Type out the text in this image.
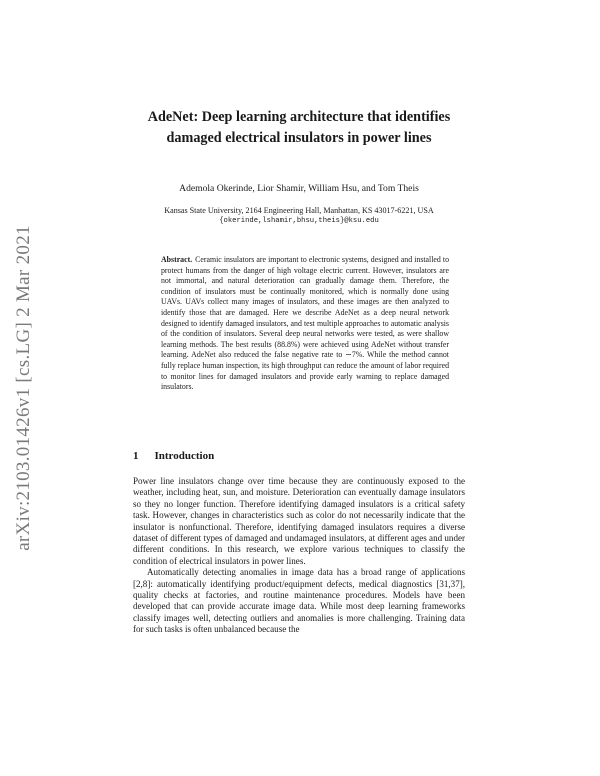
arXiv:2103.01426v1 [cs.LG] 2 Mar 2021
AdeNet: Deep learning architecture that identifies damaged electrical insulators in power lines
Ademola Okerinde, Lior Shamir, William Hsu, and Tom Theis
Kansas State University, 2164 Engineering Hall, Manhattan, KS 43017-6221, USA
{okerinde,lshamir,bhsu,theis}@ksu.edu
Abstract. Ceramic insulators are important to electronic systems, designed and installed to protect humans from the danger of high voltage electric current. However, insulators are not immortal, and natural deterioration can gradually damage them. Therefore, the condition of insulators must be continually monitored, which is normally done using UAVs. UAVs collect many images of insulators, and these images are then analyzed to identify those that are damaged. Here we describe AdeNet as a deep neural network designed to identify damaged insulators, and test multiple approaches to automatic analysis of the condition of insulators. Several deep neural networks were tested, as were shallow learning methods. The best results (88.8%) were achieved using AdeNet without transfer learning. AdeNet also reduced the false negative rate to ∼7%. While the method cannot fully replace human inspection, its high throughput can reduce the amount of labor required to monitor lines for damaged insulators and provide early warning to replace damaged insulators.
1 Introduction

Power line insulators change over time because they are continuously exposed to the weather, including heat, sun, and moisture. Deterioration can eventually damage insulators so they no longer function. Therefore identifying damaged insulators is a critical safety task. However, changes in characteristics such as color do not necessarily indicate that the insulator is nonfunctional. Therefore, identifying damaged insulators requires a diverse dataset of different types of damaged and undamaged insulators, at different ages and under different conditions. In this research, we explore various techniques to classify the condition of electrical insulators in power lines.

Automatically detecting anomalies in image data has a broad range of applications [2,8]: automatically identifying product/equipment defects, medical diagnostics [31,37], quality checks at factories, and routine maintenance procedures. Models have been developed that can provide accurate image data. While most deep learning frameworks classify images well, detecting outliers and anomalies is more challenging. Training data for such tasks is often unbalanced because the
